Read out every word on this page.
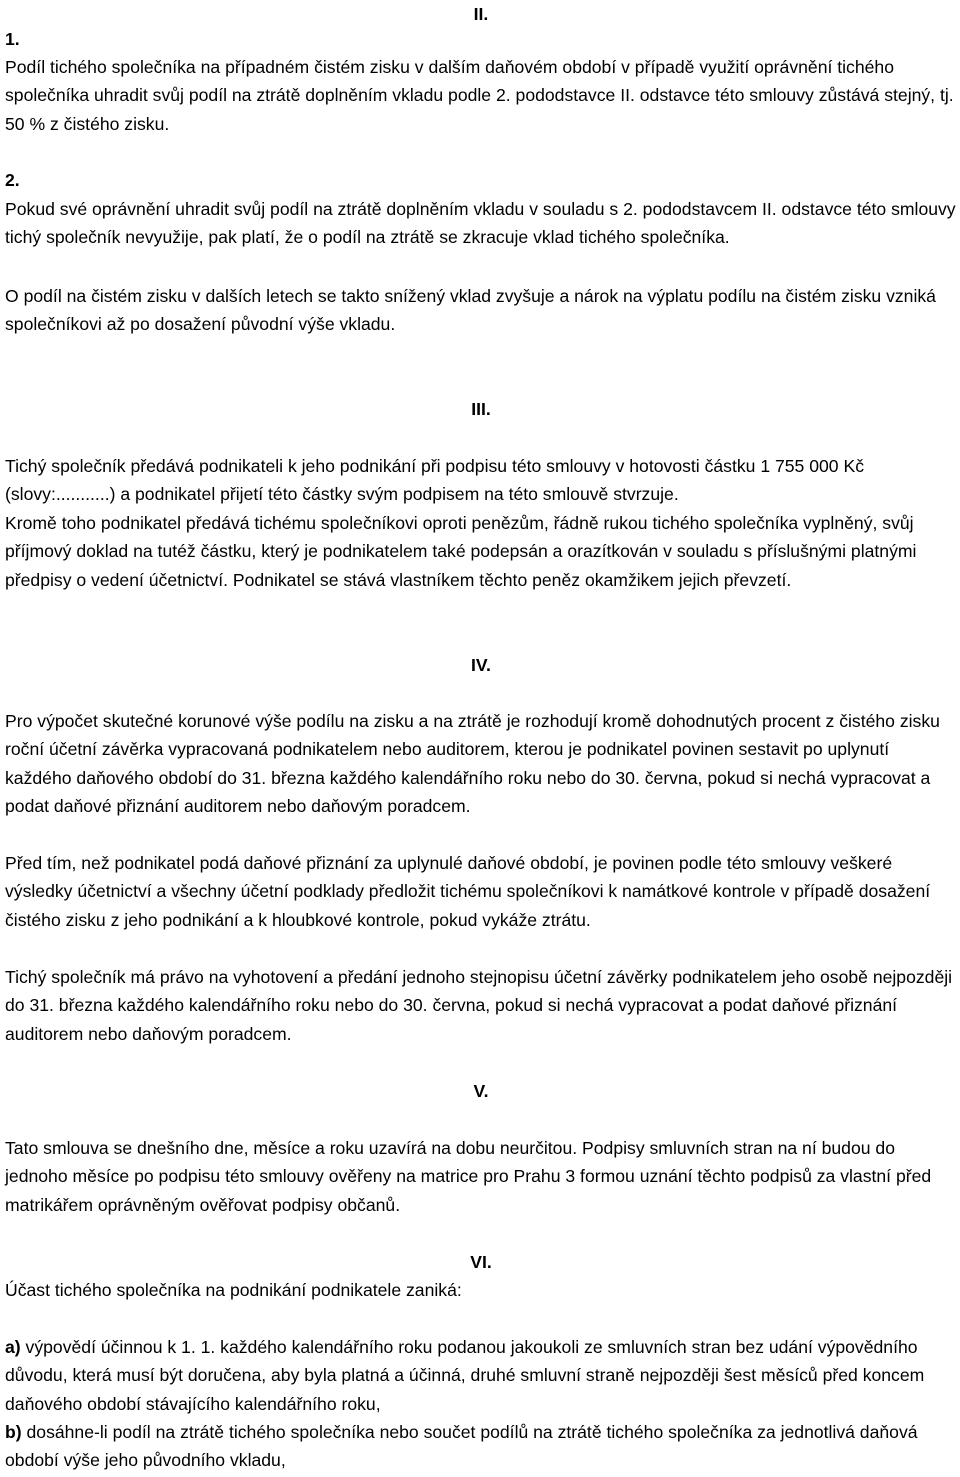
II.
1.

Podíl tichého společníka na případném čistém zisku v dalším daňovém období v případě využití oprávnění tichého společníka uhradit svůj podíl na ztrátě doplněním vkladu podle 2. pododstavce II. odstavce této smlouvy zůstává stejný, tj. 50 % z čistého zisku.

2.

Pokud své oprávnění uhradit svůj podíl na ztrátě doplněním vkladu v souladu s 2. pododstavcem II. odstavce této smlouvy tichý společník nevyužije, pak platí, že o podíl na ztrátě se zkracuje vklad tichého společníka.

O podíl na čistém zisku v dalších letech se takto snížený vklad zvyšuje a nárok na výplatu podílu na čistém zisku vzniká společníkovi až po dosažení původní výše vkladu.

III.

Tichý společník předává podnikateli k jeho podnikání při podpisu této smlouvy v hotovosti částku 1 755 000 Kč (slovy:...........) a podnikatel přijetí této částky svým podpisem na této smlouvě stvrzuje.

Kromě toho podnikatel předává tichému společníkovi oproti penězům, řádně rukou tichého společníka vyplněný, svůj příjmový doklad na tutéž částku, který je podnikatelem také podepsán a orazítkován v souladu s příslušnými platnými předpisy o vedení účetnictví. Podnikatel se stává vlastníkem těchto peněz okamžikem jejich převzetí.

IV.

Pro výpočet skutečné korunové výše podílu na zisku a na ztrátě je rozhodují kromě dohodnutých procent z čistého zisku roční účetní závěrka vypracovaná podnikatelem nebo auditorem, kterou je podnikatel povinen sestavit po uplynutí každého daňového období do 31. března každého kalendářního roku nebo do 30. června, pokud si nechá vypracovat a podat daňové přiznání auditorem nebo daňovým poradcem.

Před tím, než podnikatel podá daňové přiznání za uplynulé daňové období, je povinen podle této smlouvy veškeré výsledky účetnictví a všechny účetní podklady předložit tichému společníkovi k namátkové kontrole v případě dosažení čistého zisku z jeho podnikání a k hloubkové kontrole, pokud vykáže ztrátu.

Tichý společník má právo na vyhotovení a předání jednoho stejnopisu účetní závěrky podnikatelem jeho osobě nejpozději do 31. března každého kalendářního roku nebo do 30. června, pokud si nechá vypracovat a podat daňové přiznání auditorem nebo daňovým poradcem.

V.

Tato smlouva se dnešního dne, měsíce a roku uzavírá na dobu neurčitou. Podpisy smluvních stran na ní budou do jednoho měsíce po podpisu této smlouvy ověřeny na matrice pro Prahu 3 formou uznání těchto podpisů za vlastní před matrikářem oprávněným ověřovat podpisy občanů.

VI.

Účast tichého společníka na podnikání podnikatele zaniká:

a) výpovědí účinnou k 1. 1. každého kalendářního roku podanou jakoukoli ze smluvních stran bez udání výpovědního důvodu, která musí být doručena, aby byla platná a účinná, druhé smluvní straně nejpozději šest měsíců před koncem daňového období stávajícího kalendářního roku,

b) dosáhne-li podíl na ztrátě tichého společníka nebo součet podílů na ztrátě tichého společníka za jednotlivá daňová období výše jeho původního vkladu,
